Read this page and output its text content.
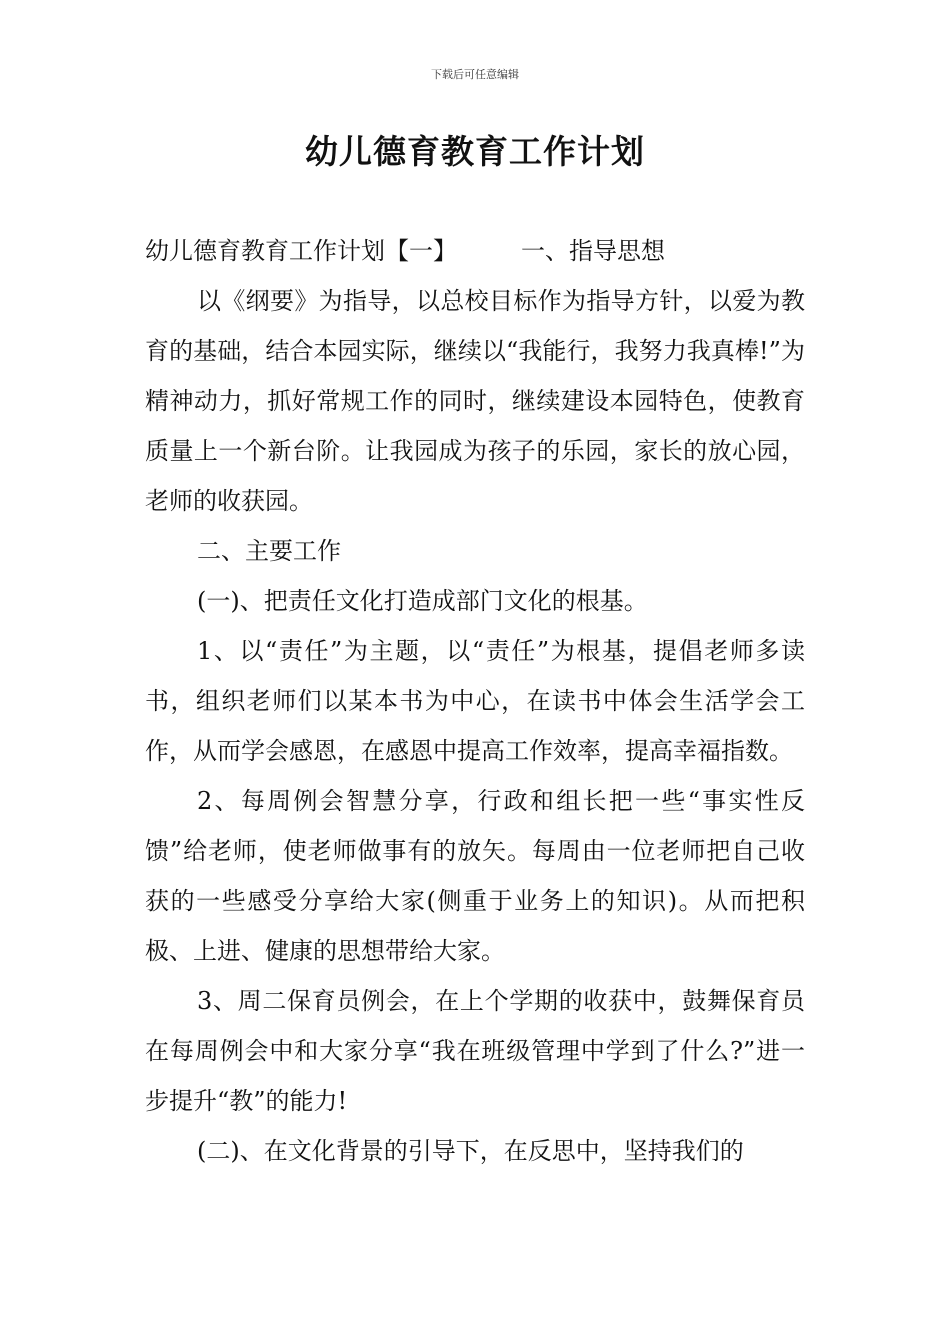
下载后可任意编辑
幼儿德育教育工作计划

幼儿德育教育工作计划【一】	一、指导思想

以《纲要》为指导，以总校目标作为指导方针，以爱为教育的基础，结合本园实际，继续以“我能行，我努力我真棒!”为精神动力，抓好常规工作的同时，继续建设本园特色，使教育质量上一个新台阶。让我园成为孩子的乐园，家长的放心园，老师的收获园。

二、主要工作

(一)、把责任文化打造成部门文化的根基。

1、以“责任”为主题，以“责任”为根基，提倡老师多读书，组织老师们以某本书为中心，在读书中体会生活学会工作，从而学会感恩，在感恩中提高工作效率，提高幸福指数。

2、每周例会智慧分享，行政和组长把一些“事实性反馈”给老师，使老师做事有的放矢。每周由一位老师把自己收获的一些感受分享给大家(侧重于业务上的知识)。从而把积极、上进、健康的思想带给大家。

3、周二保育员例会，在上个学期的收获中，鼓舞保育员在每周例会中和大家分享“我在班级管理中学到了什么?”进一步提升“教”的能力!

(二)、在文化背景的引导下，在反思中，坚持我们的
